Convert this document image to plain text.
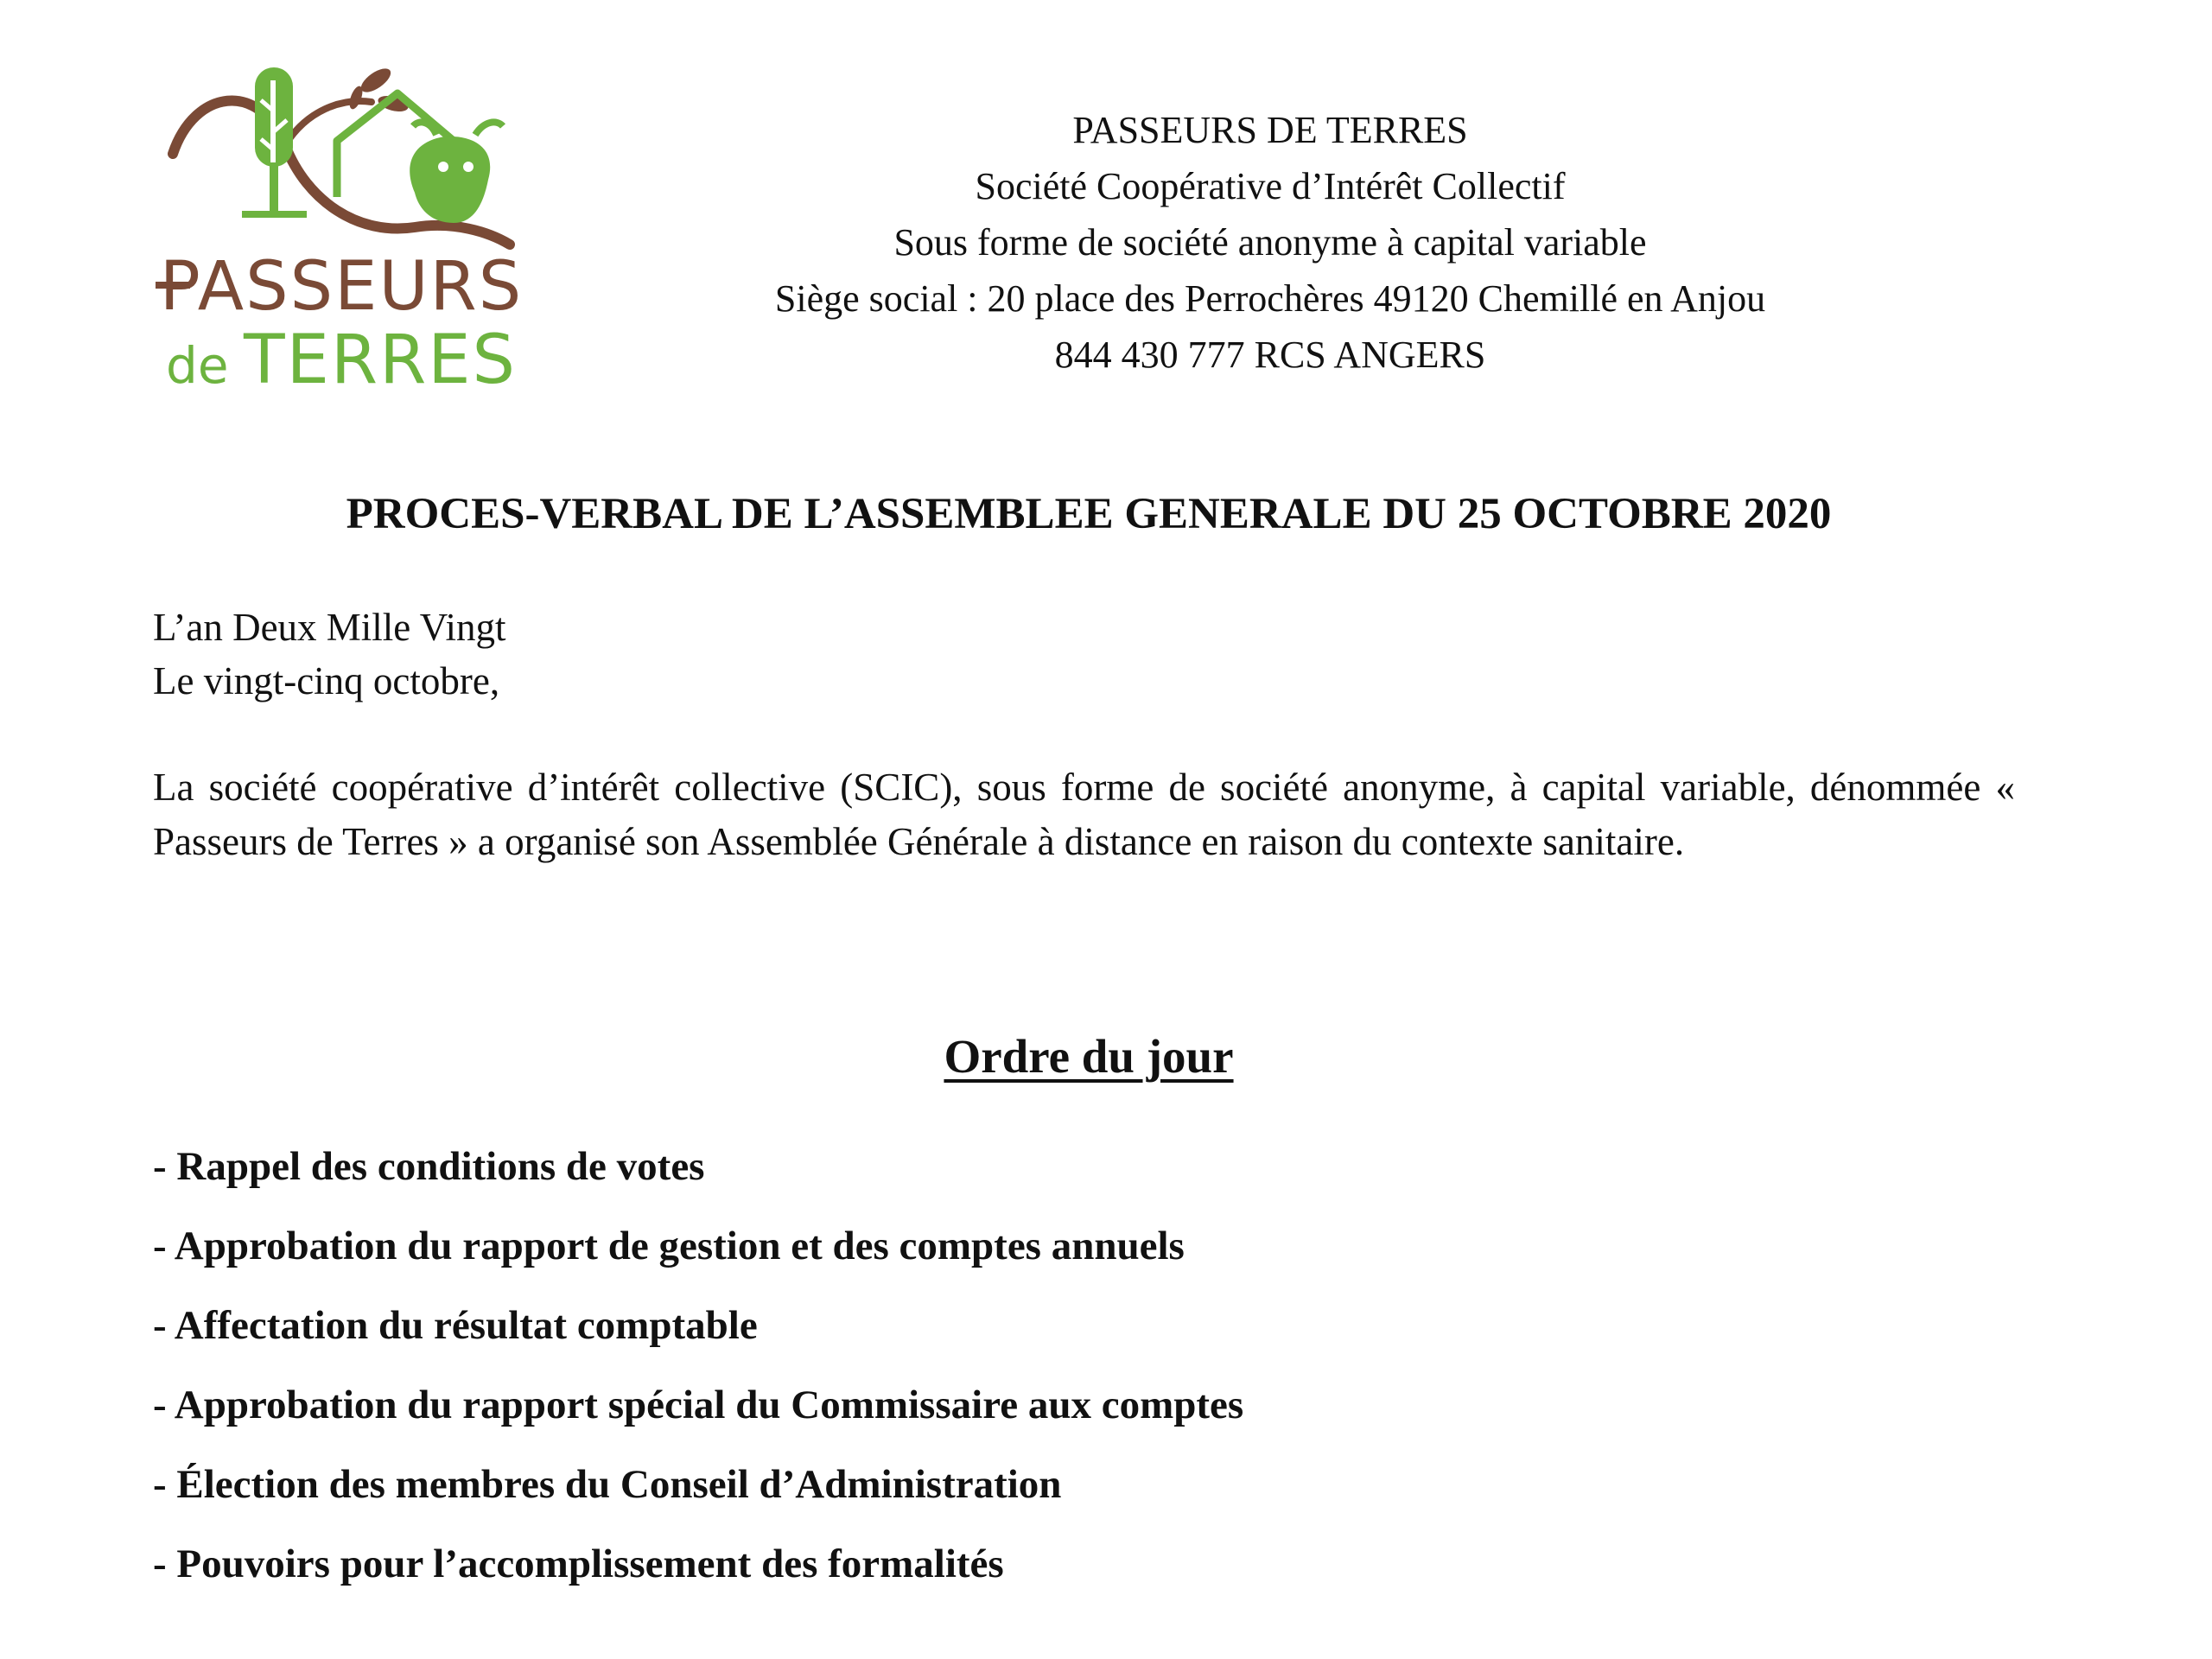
PASSEURS
de TERRES
PASSEURS DE TERRES
Société Coopérative d’Intérêt Collectif
Sous forme de société anonyme à capital variable
Siège social : 20 place des Perrochères 49120 Chemillé en Anjou
844 430 777 RCS ANGERS
PROCES-VERBAL DE L’ASSEMBLEE GENERALE DU 25 OCTOBRE 2020
L’an Deux Mille Vingt
Le vingt-cinq octobre,

La société coopérative d’intérêt collective (SCIC), sous forme de société anonyme, à capital variable, dénommée « Passeurs de Terres » a organisé son Assemblée Générale à distance en raison du contexte sanitaire.

Ordre du jour
- Rappel des conditions de votes
- Approbation du rapport de gestion et des comptes annuels
- Affectation du résultat comptable
- Approbation du rapport spécial du Commissaire aux comptes
- Élection des membres du Conseil d’Administration
- Pouvoirs pour l’accomplissement des formalités
